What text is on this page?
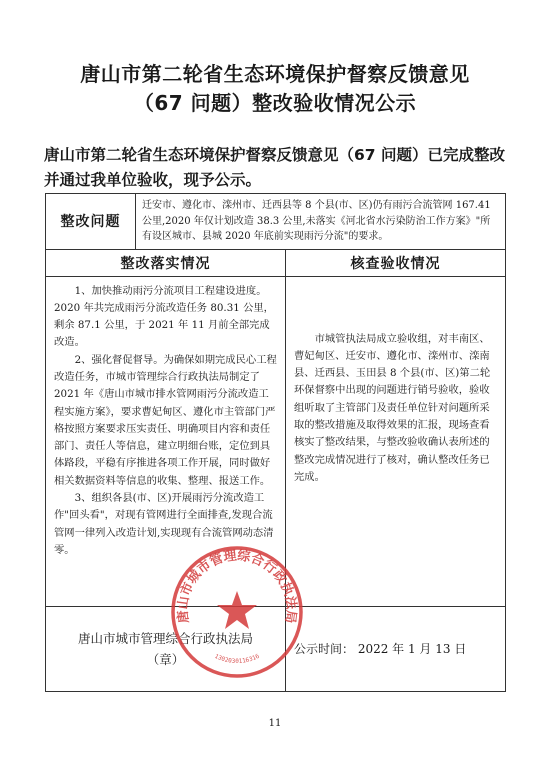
唐山市第二轮省生态环境保护督察反馈意见
（67 问题）整改验收情况公示
唐山市第二轮省生态环境保护督察反馈意见（67 问题）已完成整改
并通过我单位验收，现予公示。
整改问题	迁安市、遵化市、滦州市、迁西县等 8 个县(市、区)仍有雨污合流管网 167.41 公里,2020 年仅计划改造 38.3 公里,未落实《河北省水污染防治工作方案》"所有设区城市、县城 2020 年底前实现雨污分流"的要求。	
整改落实情况		核查验收情况

1、加快推动雨污分流项目工程建设进度。2020 年共完成雨污分流改造任务 80.31 公里，剩余 87.1 公里，于 2021 年 11 月前全部完成改造。

2、强化督促督导。为确保如期完成民心工程改造任务，市城市管理综合行政执法局制定了 2021 年《唐山市城市排水管网雨污分流改造工程实施方案》，要求曹妃甸区、遵化市主管部门严格按照方案要求压实责任、明确项目内容和责任部门、责任人等信息，建立明细台账，定位到具体路段，平稳有序推进各项工作开展，同时做好相关数据资料等信息的收集、整理、报送工作。

3、组织各县(市、区)开展雨污分流改造工作"回头看"，对现有管网进行全面排查,发现合流管网一律列入改造计划,实现现有合流管网动态清零。		市城管执法局成立验收组，对丰南区、曹妃甸区、迁安市、遵化市、滦州市、滦南县、迁西县、玉田县 8 个县(市、区)第二轮环保督察中出现的问题进行销号验收，验收组听取了主管部门及责任单位针对问题所采取的整改措施及取得效果的汇报，现场查看核实了整改结果，与整改验收确认表所述的整改完成情况进行了核对，确认整改任务已完成。

唐山市城市管理综合行政执法局
（章）
唐山市城市管理综合行政执法局
1302030116316		公示时间： 2022 年 1 月 13 日
11
